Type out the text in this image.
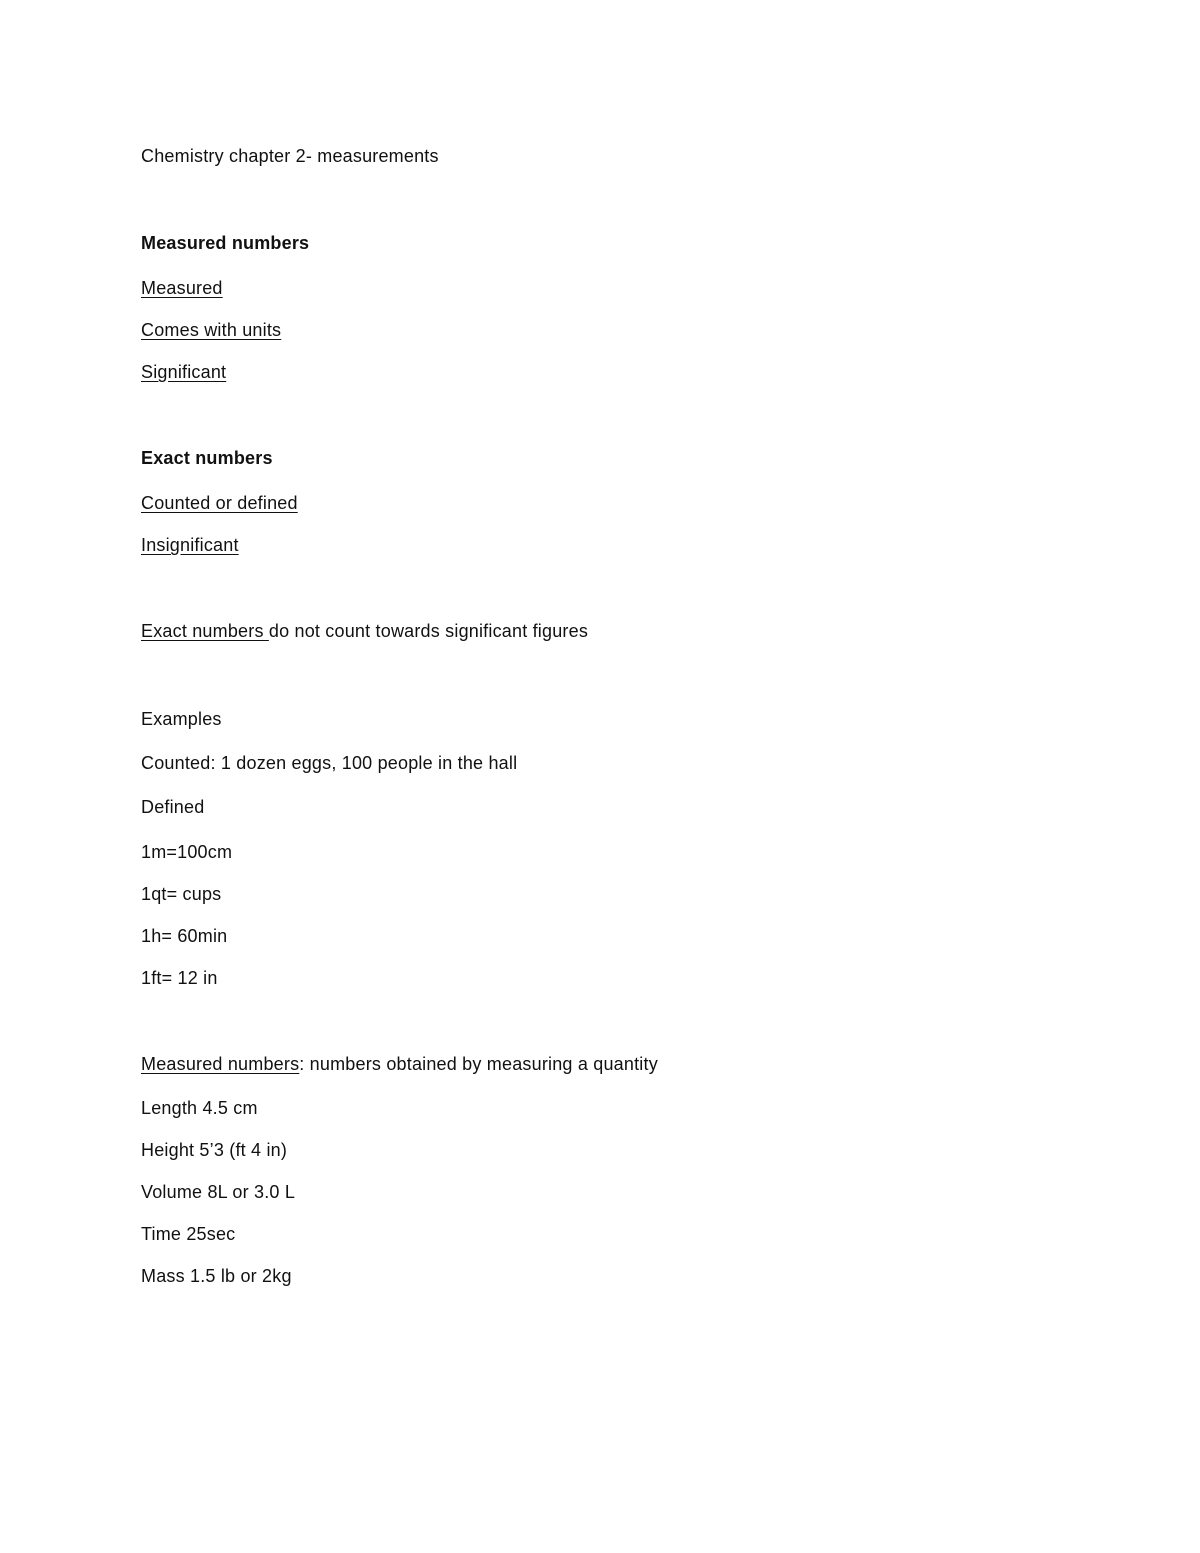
Chemistry chapter 2- measurements
Measured numbers
Measured
Comes with units
Significant
Exact numbers
Counted or defined
Insignificant
Exact numbers do not count towards significant figures
Examples
Counted: 1 dozen eggs, 100 people in the hall
Defined
1m=100cm
1qt= cups
1h= 60min
1ft= 12 in
Measured numbers: numbers obtained by measuring a quantity
Length 4.5 cm
Height 5’3 (ft 4 in)
Volume 8L or 3.0 L
Time 25sec
Mass 1.5 lb or 2kg
